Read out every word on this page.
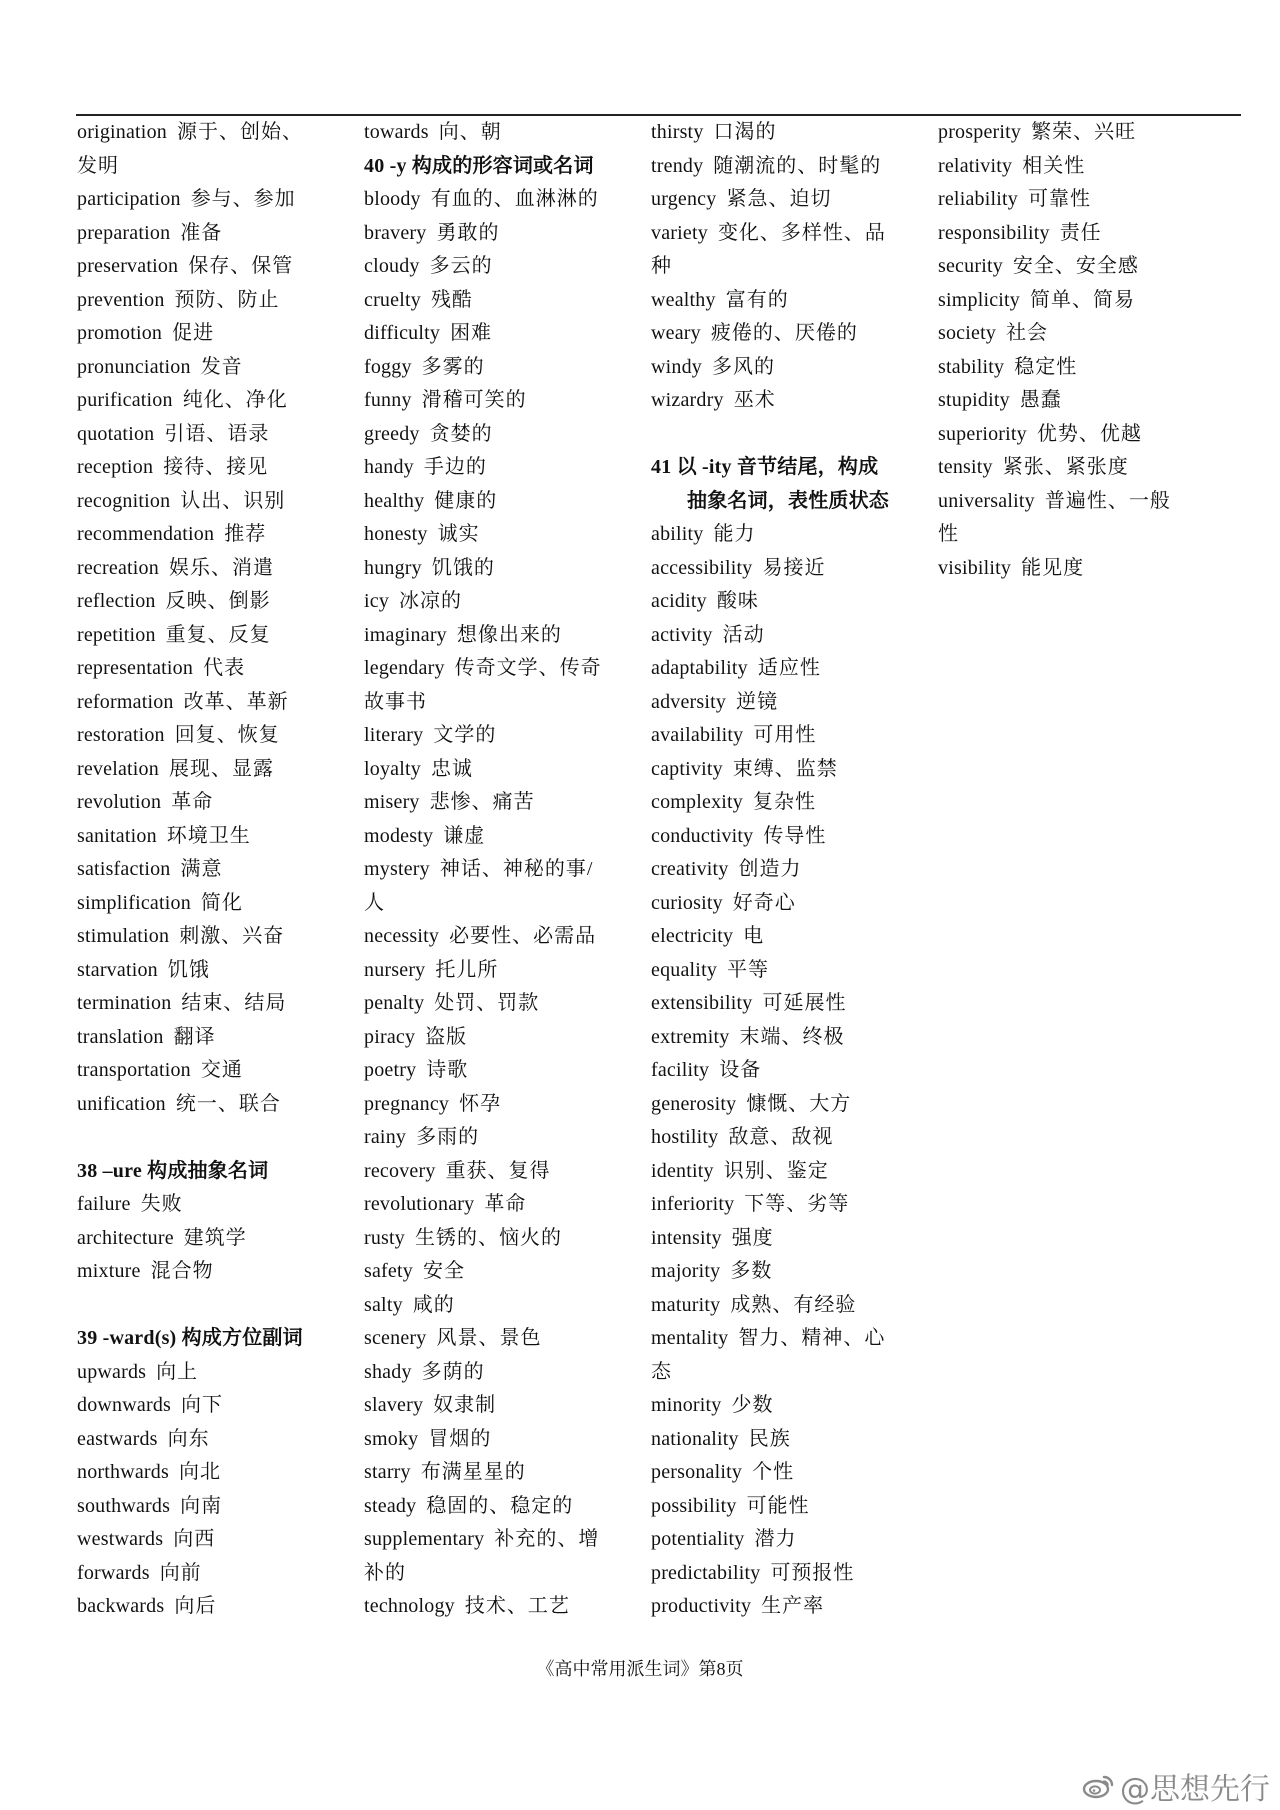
origination 源于、创始、
发明
participation 参与、参加
preparation 准备
preservation 保存、保管
prevention 预防、防止
promotion 促进
pronunciation 发音
purification 纯化、净化
quotation 引语、语录
reception 接待、接见
recognition 认出、识别
recommendation 推荐
recreation 娱乐、消遣
reflection 反映、倒影
repetition 重复、反复
representation 代表
reformation 改革、革新
restoration 回复、恢复
revelation 展现、显露
revolution 革命
sanitation 环境卫生
satisfaction 满意
simplification 简化
stimulation 刺激、兴奋
starvation 饥饿
termination 结束、结局
translation 翻译
transportation 交通
unification 统一、联合
38 –ure 构成抽象名词
failure 失败
architecture 建筑学
mixture 混合物
39 -ward(s) 构成方位副词
upwards 向上
downwards 向下
eastwards 向东
northwards 向北
southwards 向南
westwards 向西
forwards 向前
backwards 向后
towards 向、朝
40 -y 构成的形容词或名词
bloody 有血的、血淋淋的
bravery 勇敢的
cloudy 多云的
cruelty 残酷
difficulty 困难
foggy 多雾的
funny 滑稽可笑的
greedy 贪婪的
handy 手边的
healthy 健康的
honesty 诚实
hungry 饥饿的
icy 冰凉的
imaginary 想像出来的
legendary 传奇文学、传奇
故事书
literary 文学的
loyalty 忠诚
misery 悲惨、痛苦
modesty 谦虚
mystery 神话、神秘的事/
人
necessity 必要性、必需品
nursery 托儿所
penalty 处罚、罚款
piracy 盗版
poetry 诗歌
pregnancy 怀孕
rainy 多雨的
recovery 重获、复得
revolutionary 革命
rusty 生锈的、恼火的
safety 安全
salty 咸的
scenery 风景、景色
shady 多荫的
slavery 奴隶制
smoky 冒烟的
starry 布满星星的
steady 稳固的、稳定的
supplementary 补充的、增
补的
technology 技术、工艺
thirsty 口渴的
trendy 随潮流的、时髦的
urgency 紧急、迫切
variety 变化、多样性、品
种
wealthy 富有的
weary 疲倦的、厌倦的
windy 多风的
wizardry 巫术
41 以 -ity 音节结尾，构成
抽象名词，表性质状态
ability 能力
accessibility 易接近
acidity 酸味
activity 活动
adaptability 适应性
adversity 逆镜
availability 可用性
captivity 束缚、监禁
complexity 复杂性
conductivity 传导性
creativity 创造力
curiosity 好奇心
electricity 电
equality 平等
extensibility 可延展性
extremity 末端、终极
facility 设备
generosity 慷慨、大方
hostility 敌意、敌视
identity 识别、鉴定
inferiority 下等、劣等
intensity 强度
majority 多数
maturity 成熟、有经验
mentality 智力、精神、心
态
minority 少数
nationality 民族
personality 个性
possibility 可能性
potentiality 潜力
predictability 可预报性
productivity 生产率
prosperity 繁荣、兴旺
relativity 相关性
reliability 可靠性
responsibility 责任
security 安全、安全感
simplicity 简单、简易
society 社会
stability 稳定性
stupidity 愚蠢
superiority 优势、优越
tensity 紧张、紧张度
universality 普遍性、一般
性
visibility 能见度
《高中常用派生词》第8页
@思想先行
